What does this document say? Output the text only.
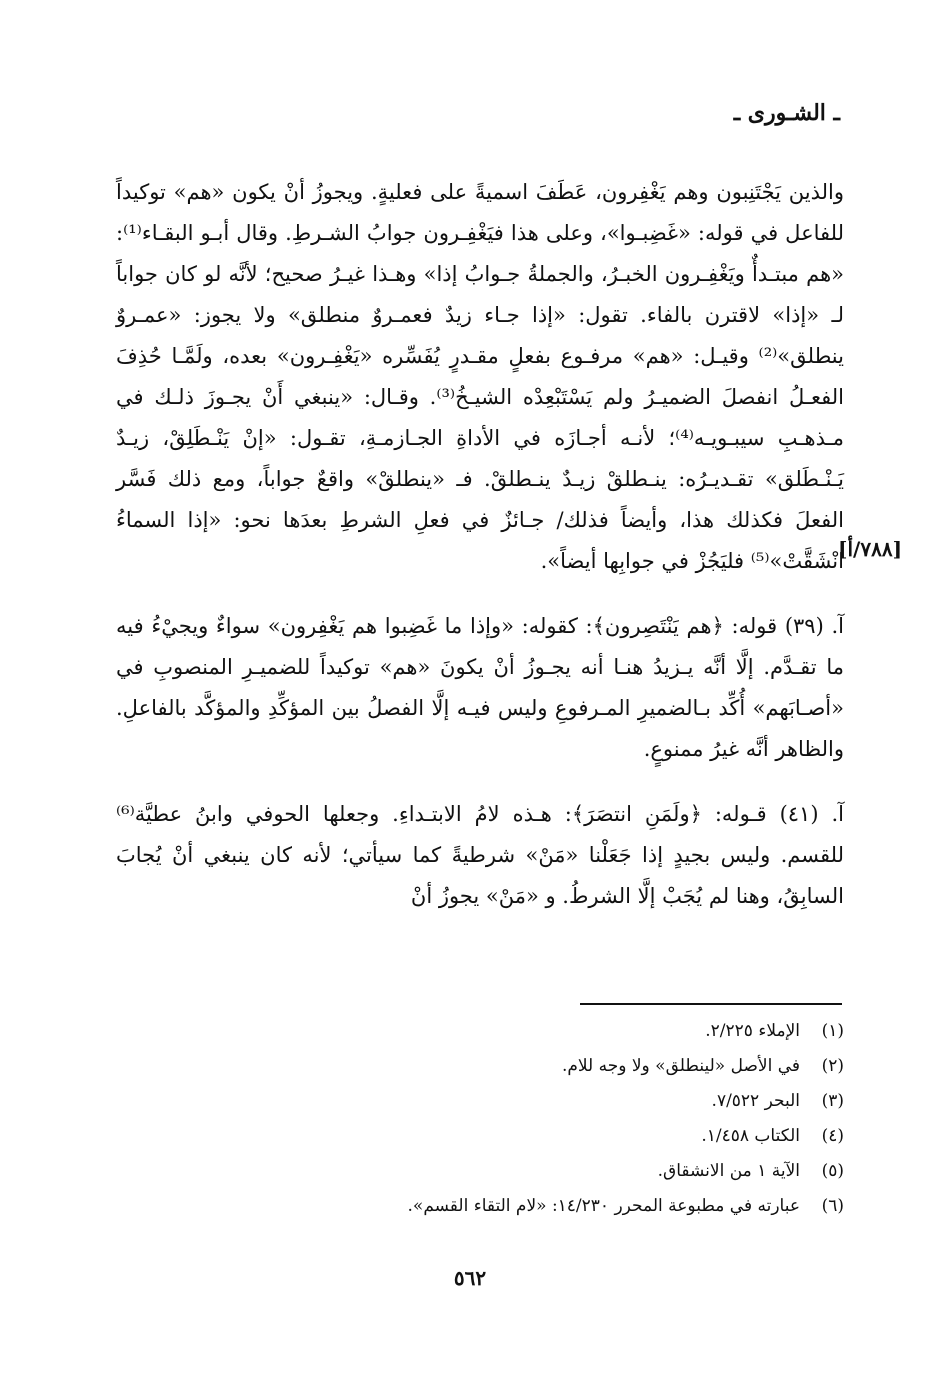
ـ الشـورى ـ

والذين يَجْتَنِبون وهم يَغْفِرون، عَطَفَ اسميةً على فعليةٍ. ويجوزُ أنْ يكون «هم» توكيداً للفاعل في قوله: «غَضِبـوا»، وعلى هذا فيَغْفِـرون جوابُ الشـرطِ. وقال أبـو البقـاء⁽¹⁾: «هم مبتـدأٌ ويَغْفِـرون الخبـرُ، والجملةُ جـوابُ إذا» وهـذا غيـرُ صحيح؛ لأنَّه لو كان جواباً لـ «إذا» لاقترن بالفاء. تقول: «إذا جـاء زيدٌ فعمـروٌ منطلق» ولا يجوز: «عمـروٌ ينطلق»⁽²⁾ وقيـل: «هم» مرفـوع بفعلٍ مقـدرٍ يُفَسِّره «يَغْفِـرون» بعده، ولَمَّـا حُذِفَ الفعـلُ انفصلَ الضميـرُ ولم يَسْتَبْعِدْه الشيـخُ⁽³⁾. وقـال: «ينبغي أَنْ يجـوزَ ذلـك في مـذهـبِ سيبـويـه⁽⁴⁾؛ لأنـه أجـازَه في الأداةِ الجـازمـةِ، تقـول: «إنْ يَنْـطَلِقْ، زيـدٌ يَـنْـطَلق» تقـديـرُه: ينـطلقْ زيـدٌ ينـطلقْ. فـ «ينطلقْ» واقعٌ جواباً، ومع ذلك فَسَّر الفعلَ فكذلك هذا، وأيضاً فذلك/ جـائزٌ في فعلِ الشرطِ بعدَها نحو: «إذا السماءُ انْشَقَّتْ»⁽⁵⁾ فليَجُزْ في جوابِها أيضاً».

آ. (٣٩) قوله: ﴿هم يَنْتَصِرون﴾: كقوله: «وإذا ما غَضِبوا هم يَغْفِرون» سواءٌ ويجيْءُ فيه ما تقـدَّم. إلَّا أنَّه يـزيدُ هنـا أنه يجـوزُ أنْ يكونَ «هم» توكيداً للضميـرِ المنصوبِ في «أصـابَهم» أُكِّد بـالضميرِ المـرفوعِ وليس فيـه إلَّا الفصلُ بين المؤكِّدِ والمؤكَّد بالفاعلِ. والظاهر أنَّه غيرُ ممنوعٍ.

آ. (٤١) قـوله: ﴿ولَمَنِ انتصَرَ﴾: هـذه لامُ الابتـداءِ. وجعلها الحوفي وابنُ عطيَّة⁽⁶⁾ للقسم. وليس بجيدٍ إذا جَعَلْنا «مَنْ» شرطيةً كما سيأتي؛ لأنه كان ينبغي أنْ يُجابَ السابِقُ، وهنا لم يُجَبْ إلَّا الشرطُ. و «مَنْ» يجوزُ أنْ

[٧٨٨/أ]
(١)الإملاء ٢/٢٢٥.
(٢)في الأصل «لينطلق» ولا وجه للام.
(٣)البحر ٧/٥٢٢.
(٤)الكتاب ١/٤٥٨.
(٥)الآية ١ من الانشقاق.
(٦)عبارته في مطبوعة المحرر ١٤/٢٣٠: «لام التقاء القسم».
٥٦٢
